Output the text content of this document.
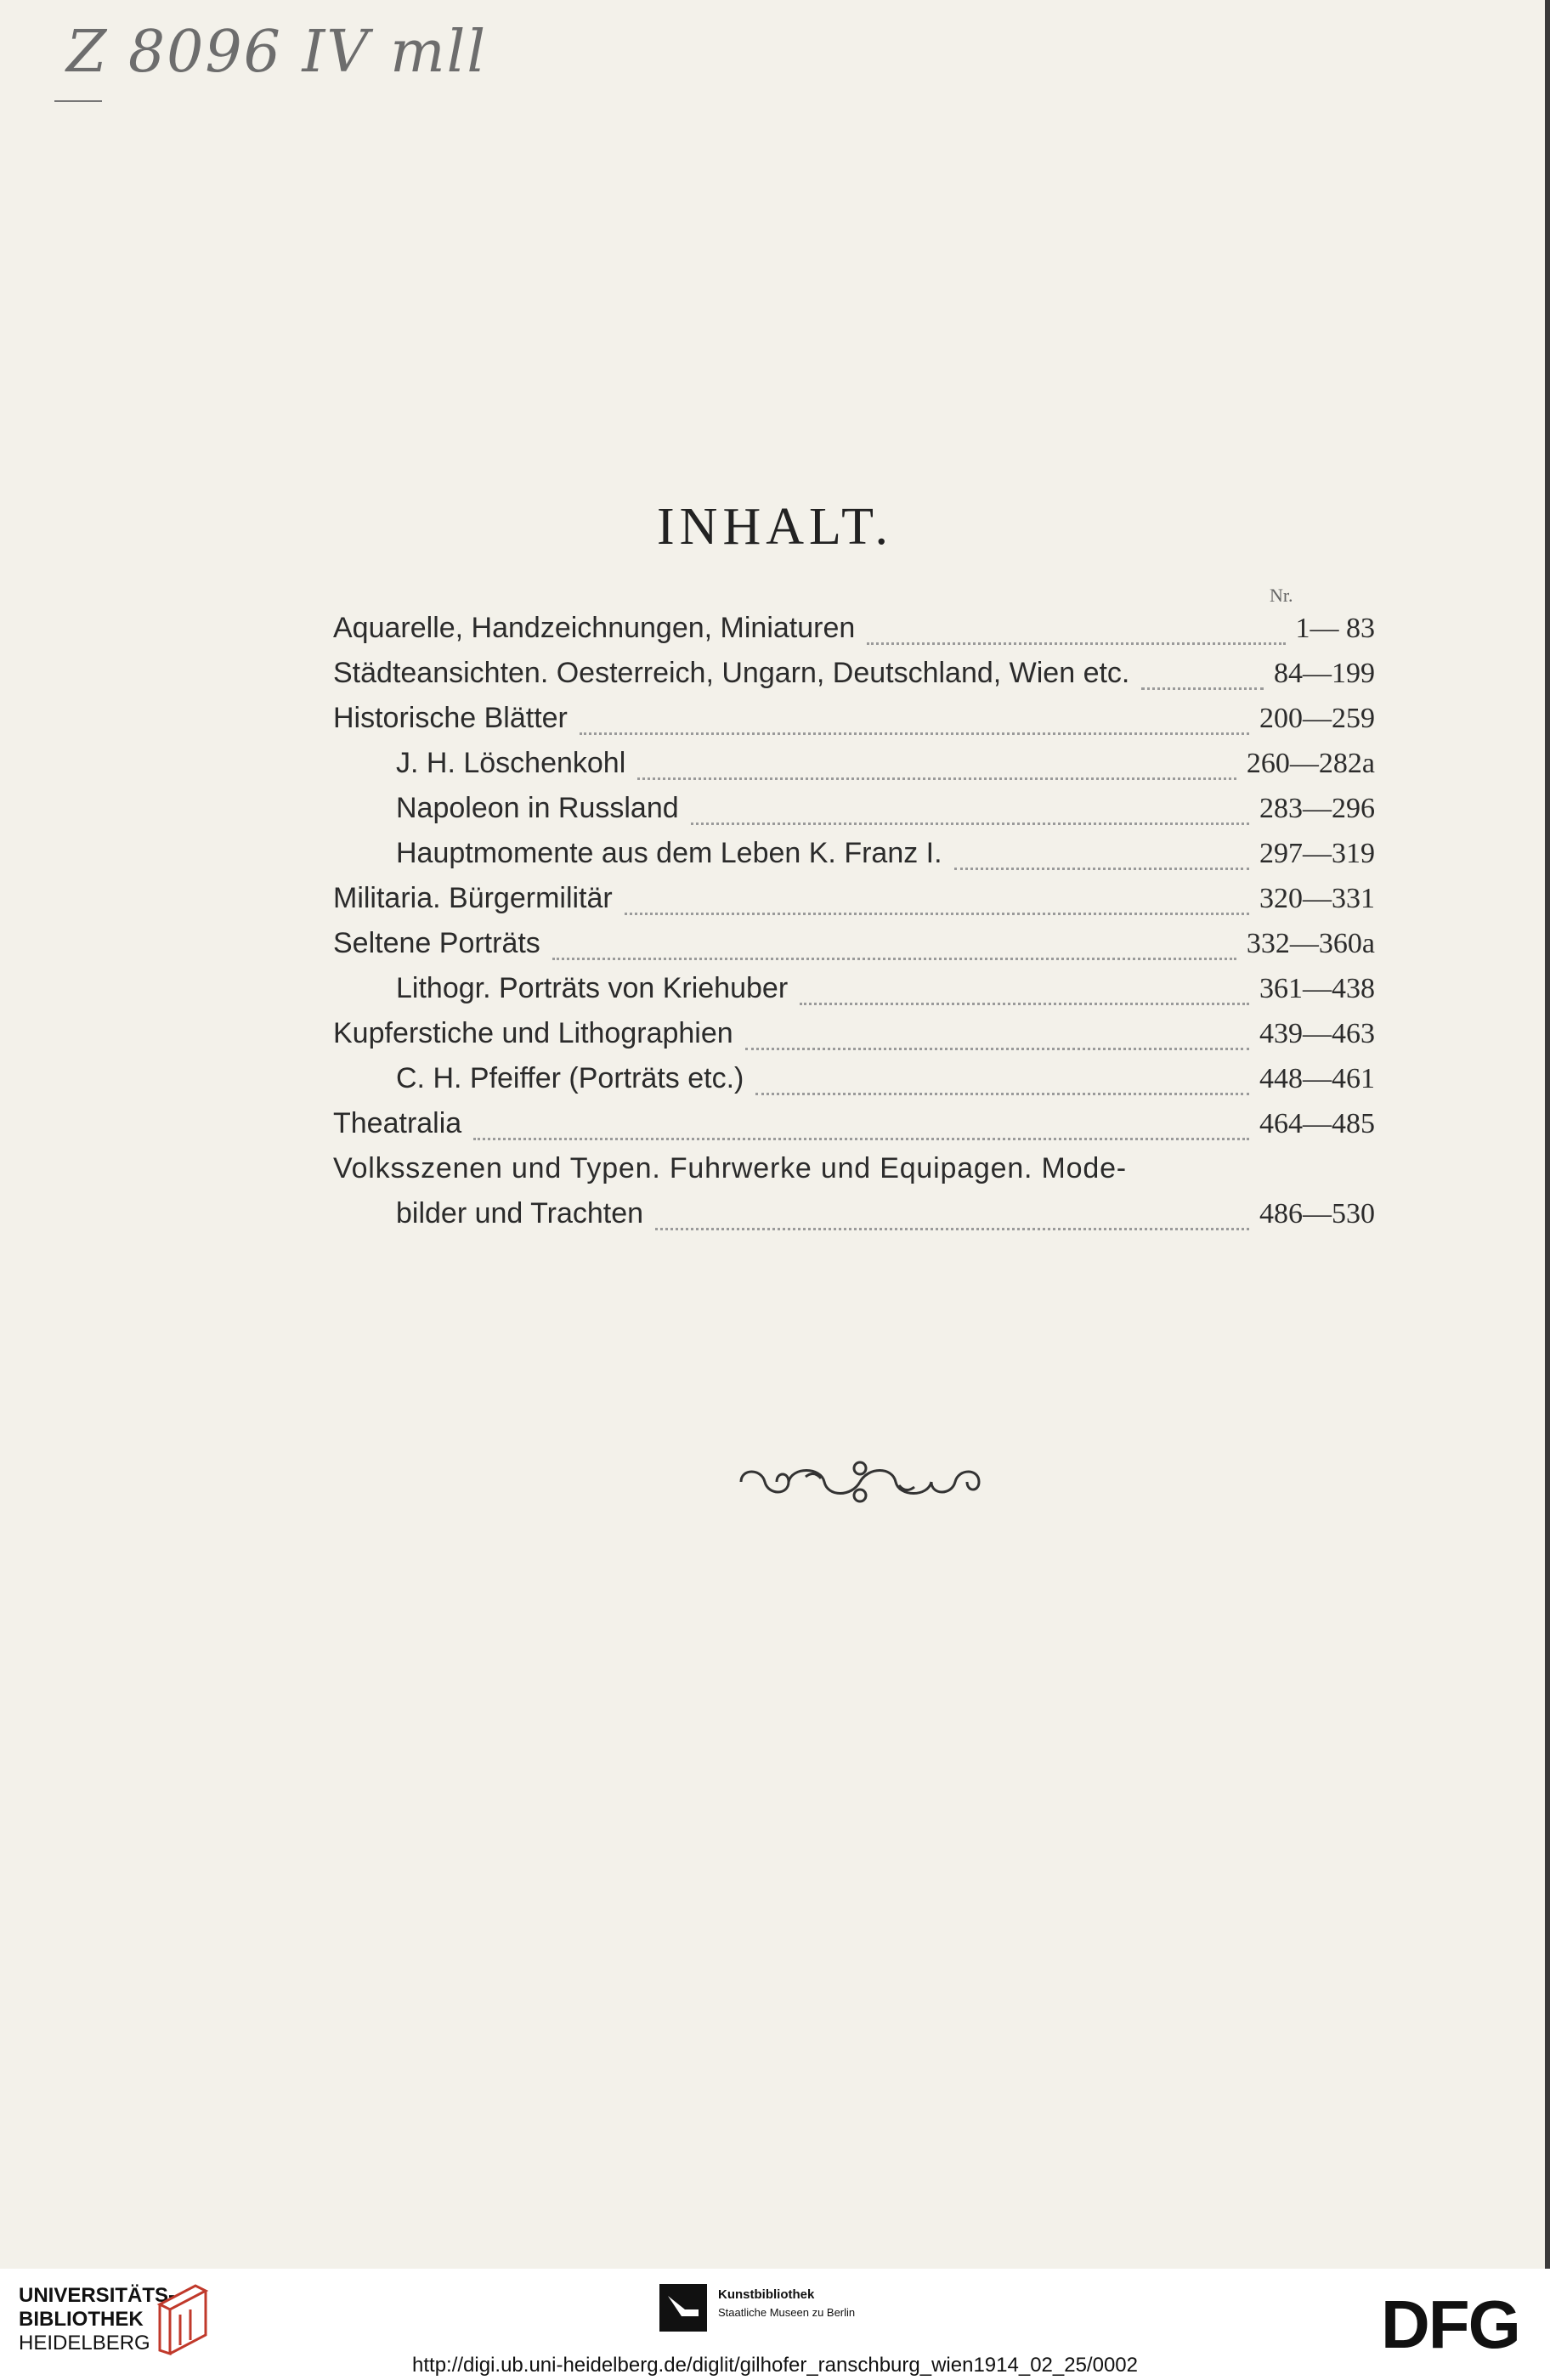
Z 8096 IV mll
INHALT.
Nr.
Aquarelle, Handzeichnungen, Miniaturen	1— 83
Städteansichten. Oesterreich, Ungarn, Deutschland, Wien etc.	84—199
Historische Blätter	200—259
J. H. Löschenkohl	260—282a
Napoleon in Russland	283—296
Hauptmomente aus dem Leben K. Franz I.	297—319
Militaria. Bürgermilitär	320—331
Seltene Porträts	332—360a
Lithogr. Porträts von Kriehuber	361—438
Kupferstiche und Lithographien	439—463
C. H. Pfeiffer (Porträts etc.)	448—461
Theatralia	464—485
Volksszenen und Typen. Fuhrwerke und Equipagen. Mode-
bilder und Trachten	486—530
UNIVERSITÄTS-
BIBLIOTHEK
HEIDELBERG
Kunstbibliothek
Staatliche Museen zu Berlin	DFG
http://digi.ub.uni-heidelberg.de/diglit/gilhofer_ranschburg_wien1914_02_25/0002
